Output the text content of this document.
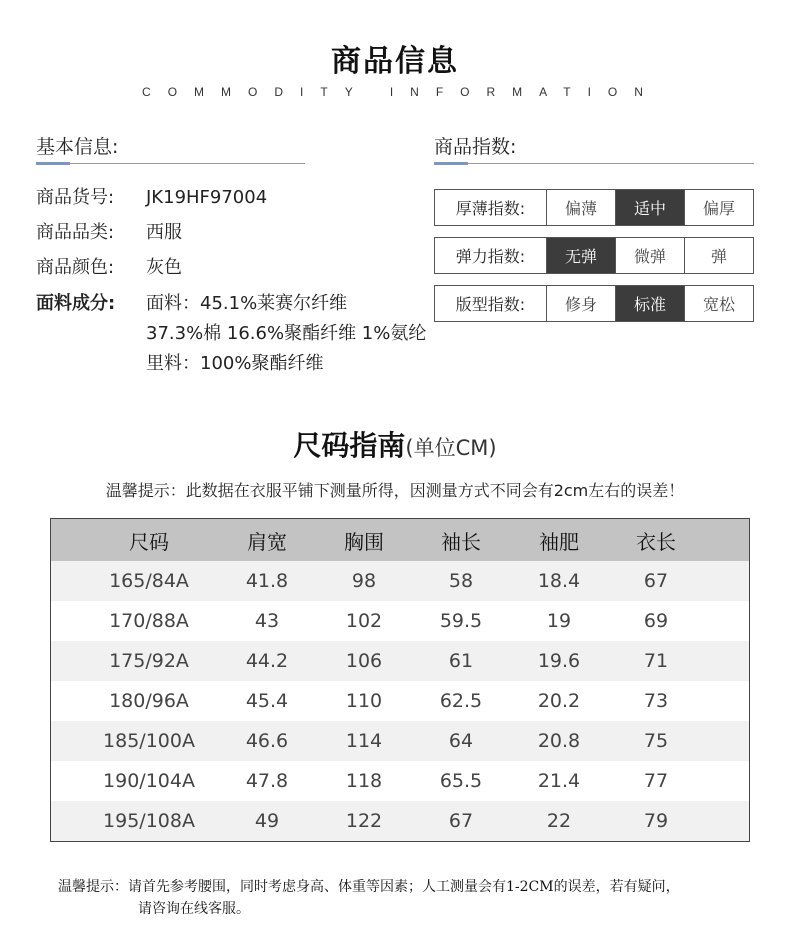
商品信息
COMMODITY INFORMATION
基本信息:
商品货号: JK19HF97004
商品品类: 西服
商品颜色: 灰色
面料成分: 面料：45.1%莱赛尔纤维
37.3%棉 16.6%聚酯纤维 1%氨纶
里料：100%聚酯纤维
商品指数:
厚薄指数:	偏薄	适中	偏厚
弹力指数:	无弹	微弹	弹
版型指数:	修身	标准	宽松
尺码指南(单位CM)
温馨提示：此数据在衣服平铺下测量所得，因测量方式不同会有2cm左右的误差！
尺码	肩宽	胸围	袖长	袖肥	衣长
165/84A	41.8	98	58	18.4	67
170/88A	43	102	59.5	19	69
175/92A	44.2	106	61	19.6	71
180/96A	45.4	110	62.5	20.2	73
185/100A	46.6	114	64	20.8	75
190/104A	47.8	118	65.5	21.4	77
195/108A	49	122	67	22	79
温馨提示：请首先参考腰围，同时考虑身高、体重等因素；人工测量会有1-2CM的误差，若有疑问，
请咨询在线客服。
